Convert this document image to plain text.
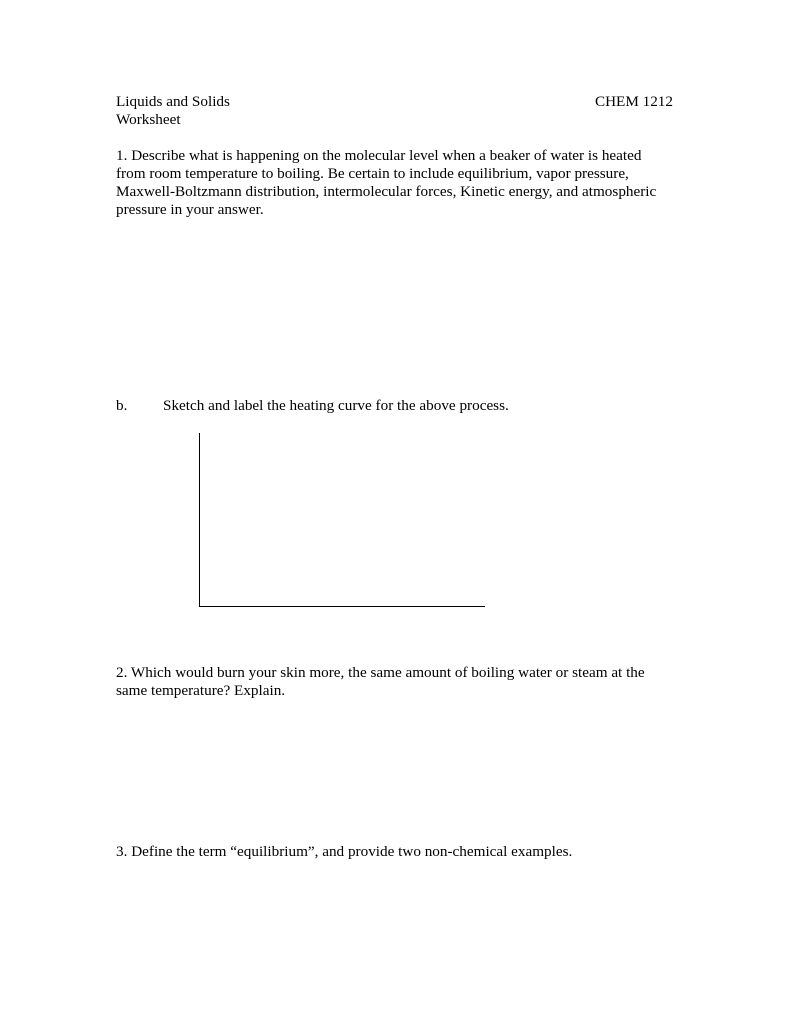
Liquids and Solids	CHEM 1212
Worksheet
1. Describe what is happening on the molecular level when a beaker of water is heated
from room temperature to boiling. Be certain to include equilibrium, vapor pressure,
Maxwell-Boltzmann distribution, intermolecular forces, Kinetic energy, and atmospheric
pressure in your answer.
b. Sketch and label the heating curve for the above process.
2. Which would burn your skin more, the same amount of boiling water or steam at the
same temperature? Explain.
3. Define the term “equilibrium”, and provide two non-chemical examples.
